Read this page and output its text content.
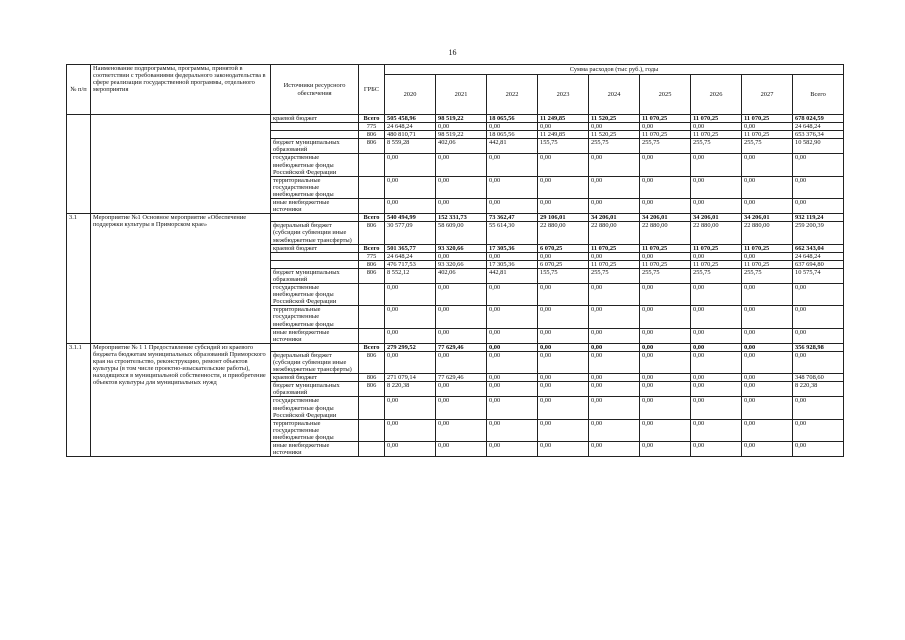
16
№ п/п	Наименование подпрограммы, программы, принятой в соответствии с требованиями федерального законодательства в сфере реализации государственной программы, отдельного мероприятия	Источники ресурсного обеспечения	ГРБС	Сумма расходов (тыс руб.), годы								
				2020	2021	2022	2023	2024	2025	2026	2027	Всего
		краевой бюджет	Всего	505 458,96	98 519,22	18 065,56	11 249,85	11 520,25	11 070,25	11 070,25	11 070,25	678 024,59
			775	24 648,24	0,00	0,00	0,00	0,00	0,00	0,00	0,00	24 648,24
			806	480 810,71	98 519,22	18 065,56	11 249,85	11 520,25	11 070,25	11 070,25	11 070,25	653 376,34
		бюджет муниципальных образований	806	8 559,28	402,06	442,81	155,75	255,75	255,75	255,75	255,75	10 582,90
		государственные внебюджетные фонды Российской Федерации		0,00	0,00	0,00	0,00	0,00	0,00	0,00	0,00	0,00
		территориальные государственные внебюджетные фонды		0,00	0,00	0,00	0,00	0,00	0,00	0,00	0,00	0,00
		иные внебюджетные источники		0,00	0,00	0,00	0,00	0,00	0,00	0,00	0,00	0,00
3.1	Мероприятие №1 Основное мероприятие «Обеспечение поддержки культуры в Приморском крае»		Всего	540 494,99	152 331,73	73 362,47	29 106,01	34 206,01	34 206,01	34 206,01	34 206,01	932 119,24
		федеральный бюджет (субсидии субвенции иные межбюджетные трансферты)	806	30 577,09	58 609,00	55 614,30	22 880,00	22 880,00	22 880,00	22 880,00	22 880,00	259 200,39
		краевой бюджет	Всего	501 365,77	93 320,66	17 305,36	6 070,25	11 070,25	11 070,25	11 070,25	11 070,25	662 343,04
			775	24 648,24	0,00	0,00	0,00	0,00	0,00	0,00	0,00	24 648,24
			806	476 717,53	93 320,66	17 305,36	6 070,25	11 070,25	11 070,25	11 070,25	11 070,25	637 694,80
		бюджет муниципальных образований	806	8 552,12	402,06	442,81	155,75	255,75	255,75	255,75	255,75	10 575,74
		государственные внебюджетные фонды Российской Федерации		0,00	0,00	0,00	0,00	0,00	0,00	0,00	0,00	0,00
		территориальные государственные внебюджетные фонды		0,00	0,00	0,00	0,00	0,00	0,00	0,00	0,00	0,00
		иные внебюджетные источники		0,00	0,00	0,00	0,00	0,00	0,00	0,00	0,00	0,00
3.1.1	Мероприятие № 1 1 Предоставление субсидий из краевого бюджета бюджетам муниципальных образований Приморского края на строительство, реконструкцию, ремонт объектов культуры (в том числе проектно-изыскательские работы), находящихся в муниципальной собственности, и приобретение объектов культуры для муниципальных нужд		Всего	279 299,52	77 629,46	0,00	0,00	0,00	0,00	0,00	0,00	356 928,98
		федеральный бюджет (субсидии субвенции иные межбюджетные трансферты)	806	0,00	0,00	0,00	0,00	0,00	0,00	0,00	0,00	0,00
		краевой бюджет	806	271 079,14	77 629,46	0,00	0,00	0,00	0,00	0,00	0,00	348 708,60
		бюджет муниципальных образований	806	8 220,38	0,00	0,00	0,00	0,00	0,00	0,00	0,00	8 220,38
		государственные внебюджетные фонды Российской Федерации		0,00	0,00	0,00	0,00	0,00	0,00	0,00	0,00	0,00
		территориальные государственные внебюджетные фонды		0,00	0,00	0,00	0,00	0,00	0,00	0,00	0,00	0,00
		иные внебюджетные источники		0,00	0,00	0,00	0,00	0,00	0,00	0,00	0,00	0,00
